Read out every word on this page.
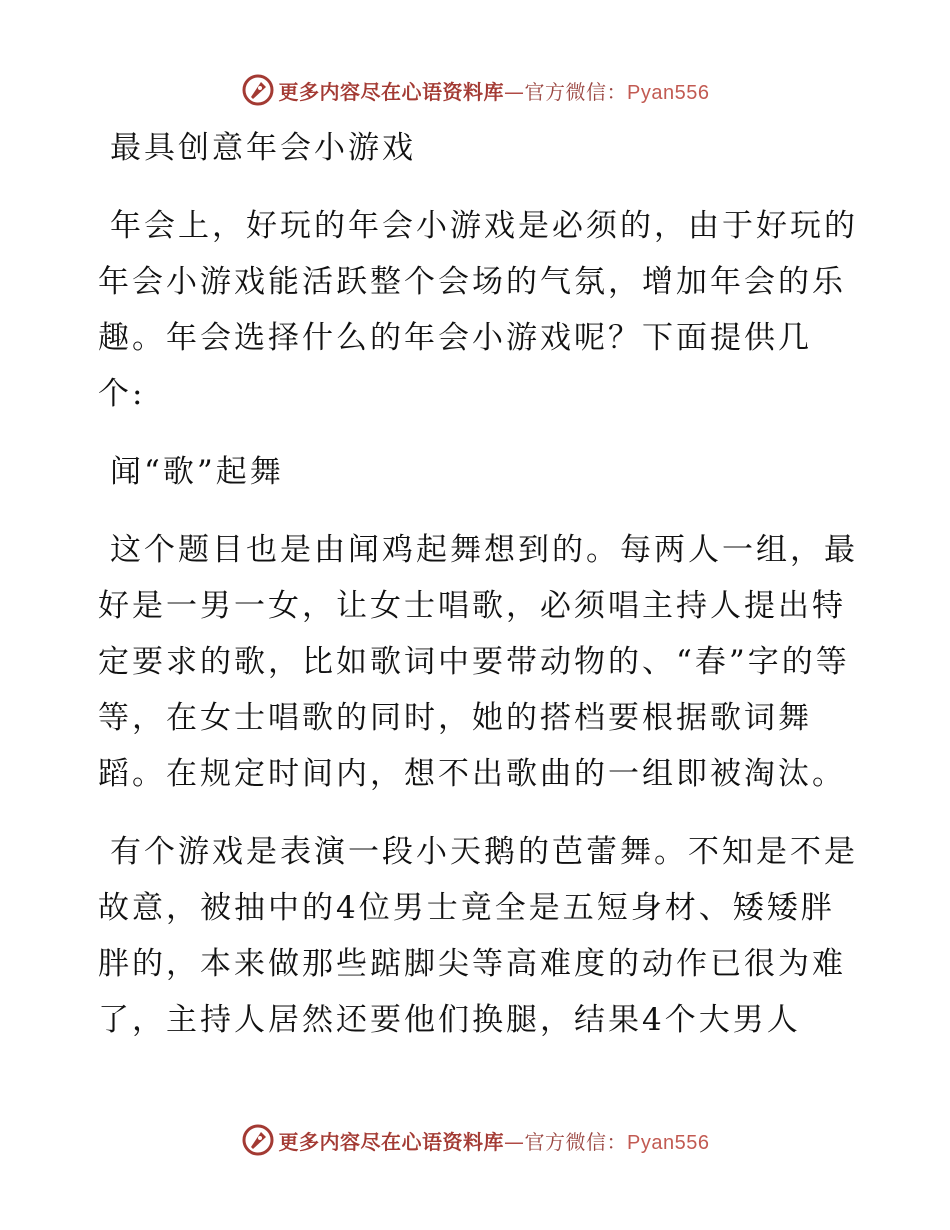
更多内容尽在心语资料库—官方微信：Pyan556

最具创意年会小游戏

年会上，好玩的年会小游戏是必须的，由于好玩的年会小游戏能活跃整个会场的气氛，增加年会的乐趣。年会选择什么的年会小游戏呢？下面提供几个:

闻“歌”起舞

这个题目也是由闻鸡起舞想到的。每两人一组，最好是一男一女，让女士唱歌，必须唱主持人提出特定要求的歌，比如歌词中要带动物的、“春”字的等等，在女士唱歌的同时，她的搭档要根据歌词舞蹈。在规定时间内，想不出歌曲的一组即被淘汰。

有个游戏是表演一段小天鹅的芭蕾舞。不知是不是故意，被抽中的4位男士竟全是五短身材、矮矮胖胖的，本来做那些踮脚尖等高难度的动作已很为难了，主持人居然还要他们换腿，结果4个大男人

更多内容尽在心语资料库—官方微信：Pyan556
